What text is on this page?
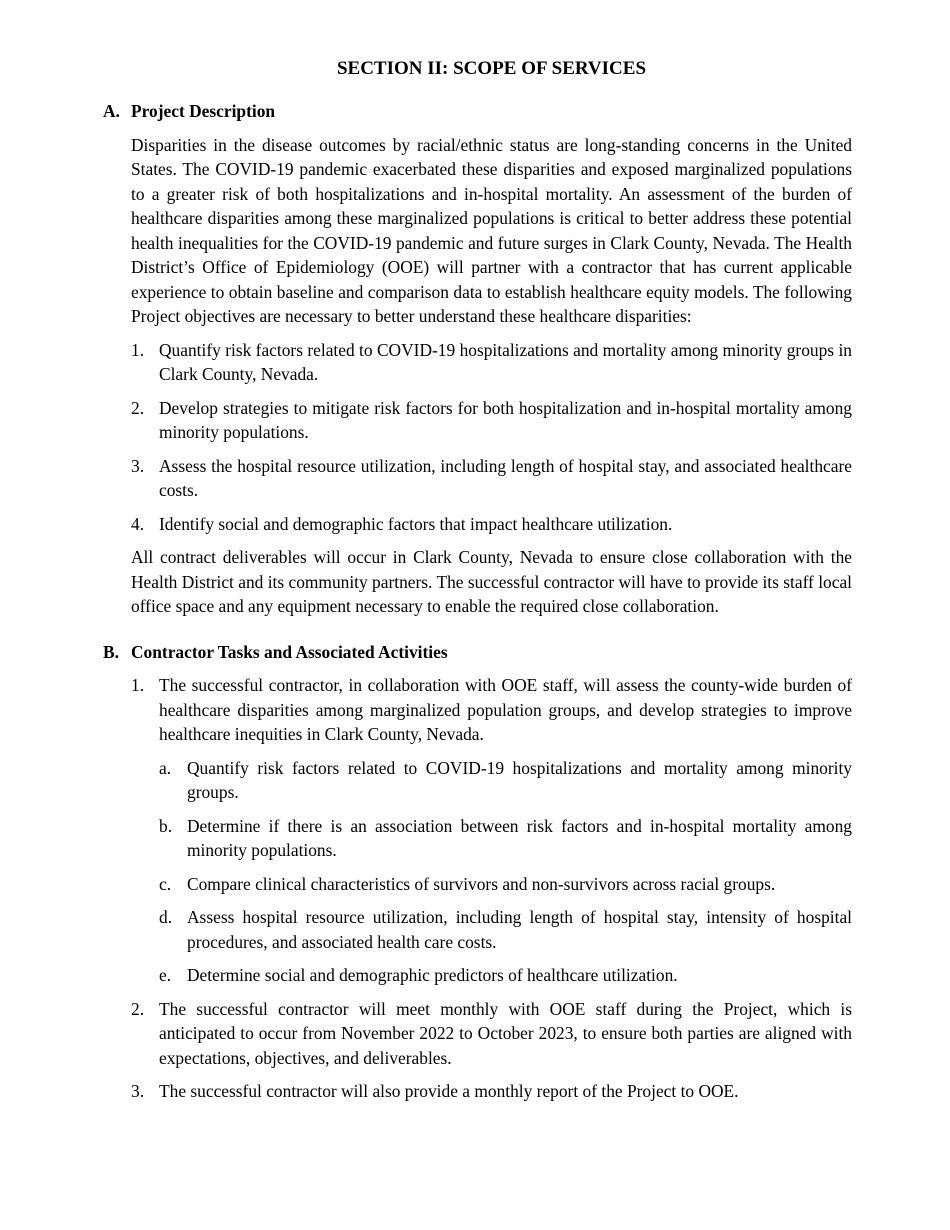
SECTION II: SCOPE OF SERVICES
A. Project Description

Disparities in the disease outcomes by racial/ethnic status are long-standing concerns in the United States. The COVID-19 pandemic exacerbated these disparities and exposed marginalized populations to a greater risk of both hospitalizations and in-hospital mortality. An assessment of the burden of healthcare disparities among these marginalized populations is critical to better address these potential health inequalities for the COVID-19 pandemic and future surges in Clark County, Nevada. The Health District’s Office of Epidemiology (OOE) will partner with a contractor that has current applicable experience to obtain baseline and comparison data to establish healthcare equity models. The following Project objectives are necessary to better understand these healthcare disparities:

1. Quantify risk factors related to COVID-19 hospitalizations and mortality among minority groups in Clark County, Nevada.
2. Develop strategies to mitigate risk factors for both hospitalization and in-hospital mortality among minority populations.
3. Assess the hospital resource utilization, including length of hospital stay, and associated healthcare costs.
4. Identify social and demographic factors that impact healthcare utilization.

All contract deliverables will occur in Clark County, Nevada to ensure close collaboration with the Health District and its community partners. The successful contractor will have to provide its staff local office space and any equipment necessary to enable the required close collaboration.

B. Contractor Tasks and Associated Activities
1. The successful contractor, in collaboration with OOE staff, will assess the county-wide burden of healthcare disparities among marginalized population groups, and develop strategies to improve healthcare inequities in Clark County, Nevada.
a. Quantify risk factors related to COVID-19 hospitalizations and mortality among minority groups.
b. Determine if there is an association between risk factors and in-hospital mortality among minority populations.
c. Compare clinical characteristics of survivors and non-survivors across racial groups.
d. Assess hospital resource utilization, including length of hospital stay, intensity of hospital procedures, and associated health care costs.
e. Determine social and demographic predictors of healthcare utilization.
2. The successful contractor will meet monthly with OOE staff during the Project, which is anticipated to occur from November 2022 to October 2023, to ensure both parties are aligned with expectations, objectives, and deliverables.
3. The successful contractor will also provide a monthly report of the Project to OOE.
